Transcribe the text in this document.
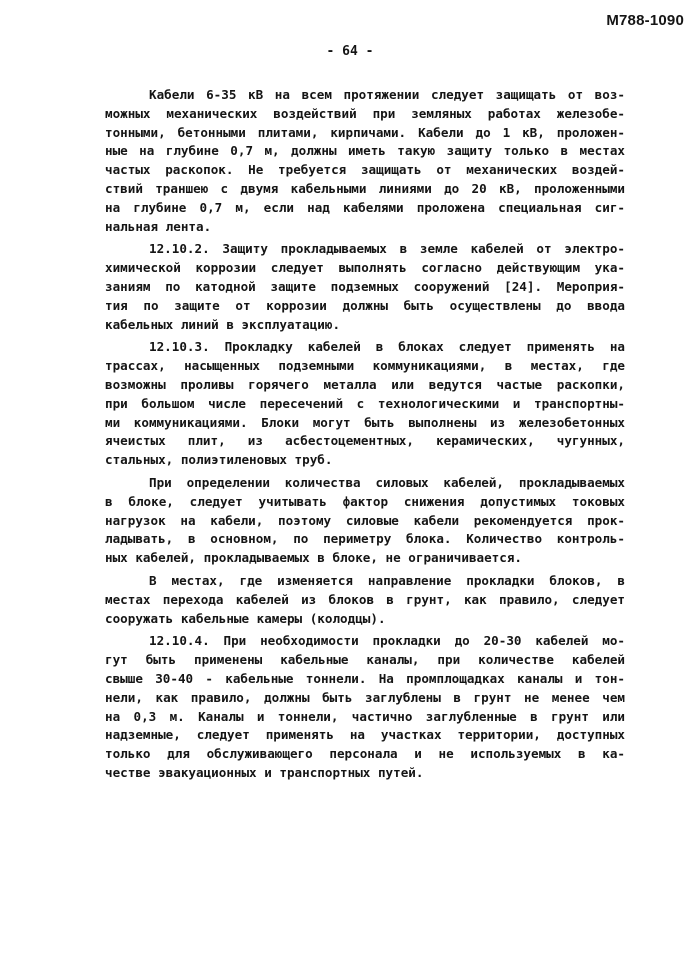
М788-1090
- 64 -
Кабели 6-35 кВ на всем протяжении следует защищать от воз-
можных механических воздействий при земляных работах железобе-
тонными, бетонными плитами, кирпичами. Кабели до 1 кВ, проложен-
ные на глубине 0,7 м, должны иметь такую защиту только в местах
частых раскопок. Не требуется защищать от механических воздей-
ствий траншею с двумя кабельными линиями до 20 кВ, проложенными
на глубине 0,7 м, если над кабелями проложена специальная сиг-
нальная лента.
12.10.2. Защиту прокладываемых в земле кабелей от электро-
химической коррозии следует выполнять согласно действующим ука-
заниям по катодной защите подземных сооружений [24]. Мероприя-
тия по защите от коррозии должны быть осуществлены до ввода
кабельных линий в эксплуатацию.
12.10.3. Прокладку кабелей в блоках следует применять на
трассах, насыщенных подземными коммуникациями, в местах, где
возможны проливы горячего металла или ведутся частые раскопки,
при большом числе пересечений с технологическими и транспортны-
ми коммуникациями. Блоки могут быть выполнены из железобетонных
ячеистых плит, из асбестоцементных, керамических, чугунных,
стальных, полиэтиленовых труб.
При определении количества силовых кабелей, прокладываемых
в блоке, следует учитывать фактор снижения допустимых токовых
нагрузок на кабели, поэтому силовые кабели рекомендуется прок-
ладывать, в основном, по периметру блока. Количество контроль-
ных кабелей, прокладываемых в блоке, не ограничивается.
В местах, где изменяется направление прокладки блоков, в
местах перехода кабелей из блоков в грунт, как правило, следует
сооружать кабельные камеры (колодцы).
12.10.4. При необходимости прокладки до 20-30 кабелей мо-
гут быть применены кабельные каналы, при количестве кабелей
свыше 30-40 - кабельные тоннели. На промплощадках каналы и тон-
нели, как правило, должны быть заглублены в грунт не менее чем
на 0,3 м. Каналы и тоннели, частично заглубленные в грунт или
надземные, следует применять на участках территории, доступных
только для обслуживающего персонала и не используемых в ка-
честве эвакуационных и транспортных путей.
